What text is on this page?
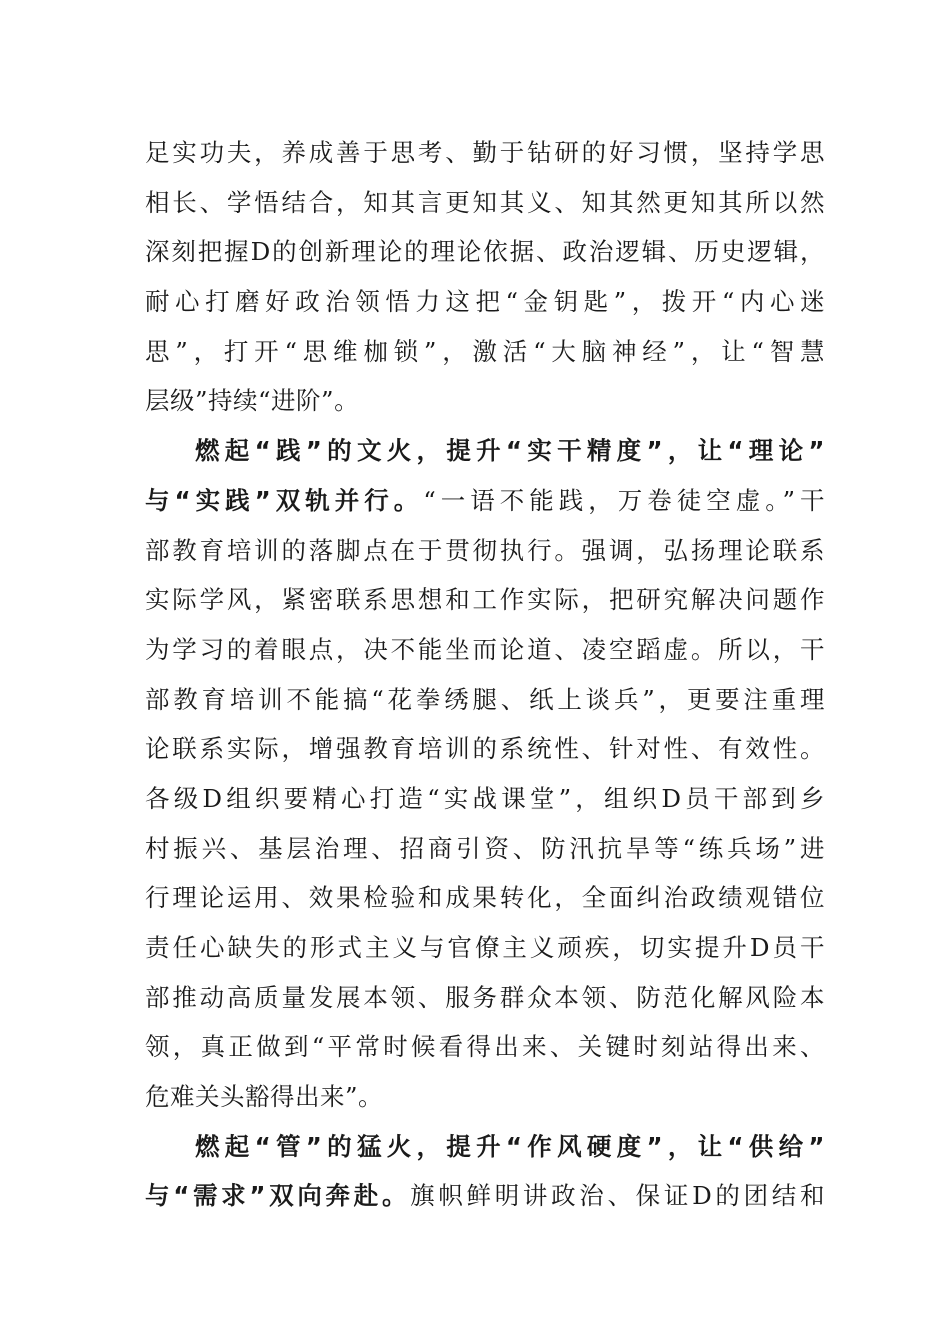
足实功夫，养成善于思考、勤于钻研的好习惯，坚持学思
相长、学悟结合，知其言更知其义、知其然更知其所以然
深刻把握D的创新理论的理论依据、政治逻辑、历史逻辑，
耐心打磨好政治领悟力这把“金钥匙”，拨开“内心迷
思”，打开“思维枷锁”，激活“大脑神经”，让“智慧
层级”持续“进阶”。
燃起“践”的文火，提升“实干精度”，让“理论”
与“实践”双轨并行。“一语不能践，万卷徒空虚。”干
部教育培训的落脚点在于贯彻执行。强调，弘扬理论联系
实际学风，紧密联系思想和工作实际，把研究解决问题作
为学习的着眼点，决不能坐而论道、凌空蹈虚。所以，干
部教育培训不能搞“花拳绣腿、纸上谈兵”，更要注重理
论联系实际，增强教育培训的系统性、针对性、有效性。
各级D组织要精心打造“实战课堂”，组织D员干部到乡
村振兴、基层治理、招商引资、防汛抗旱等“练兵场”进
行理论运用、效果检验和成果转化，全面纠治政绩观错位
责任心缺失的形式主义与官僚主义顽疾，切实提升D员干
部推动高质量发展本领、服务群众本领、防范化解风险本
领，真正做到“平常时候看得出来、关键时刻站得出来、
危难关头豁得出来”。
燃起“管”的猛火，提升“作风硬度”，让“供给”
与“需求”双向奔赴。旗帜鲜明讲政治、保证D的团结和
